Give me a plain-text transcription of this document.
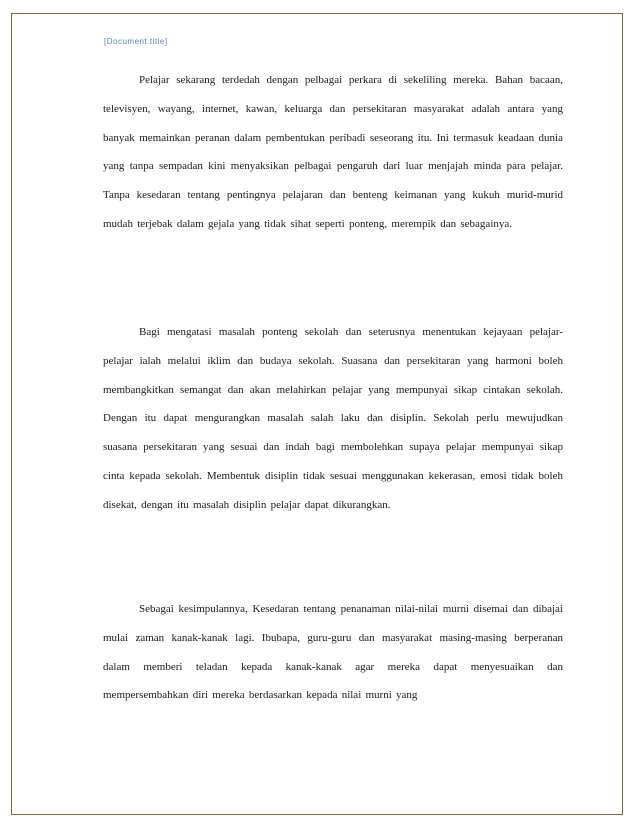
[Document title]

Pelajar sekarang terdedah dengan pelbagai perkara di sekeliling mereka. Bahan bacaan, televisyen, wayang, internet, kawan, keluarga dan persekitaran masyarakat adalah antara yang banyak memainkan peranan dalam pembentukan peribadi seseorang itu. Ini termasuk keadaan dunia yang tanpa sempadan kini menyaksikan pelbagai pengaruh dari luar menjajah minda para pelajar. Tanpa kesedaran tentang pentingnya pelajaran dan benteng keimanan yang kukuh murid-murid mudah terjebak dalam gejala yang tidak sihat seperti ponteng, merempik dan sebagainya.

Bagi mengatasi masalah ponteng sekolah dan seterusnya menentukan kejayaan pelajar- pelajar ialah melalui iklim dan budaya sekolah. Suasana dan persekitaran yang harmoni boleh membangkitkan semangat dan akan melahirkan pelajar yang mempunyai sikap cintakan sekolah. Dengan itu dapat mengurangkan masalah salah laku dan disiplin. Sekolah perlu mewujudkan suasana persekitaran yang sesuai dan indah bagi membolehkan supaya pelajar mempunyai sikap cinta kepada sekolah. Membentuk disiplin tidak sesuai menggunakan kekerasan, emosi tidak boleh disekat, dengan itu masalah disiplin pelajar dapat dikurangkan.

Sebagai kesimpulannya, Kesedaran tentang penanaman nilai-nilai murni disemai dan dibajai mulai zaman kanak-kanak lagi. Ibubapa, guru-guru dan masyarakat masing-masing berperanan dalam memberi teladan kepada kanak-kanak agar mereka dapat menyesuaikan dan mempersembahkan diri mereka berdasarkan kepada nilai murni yang
